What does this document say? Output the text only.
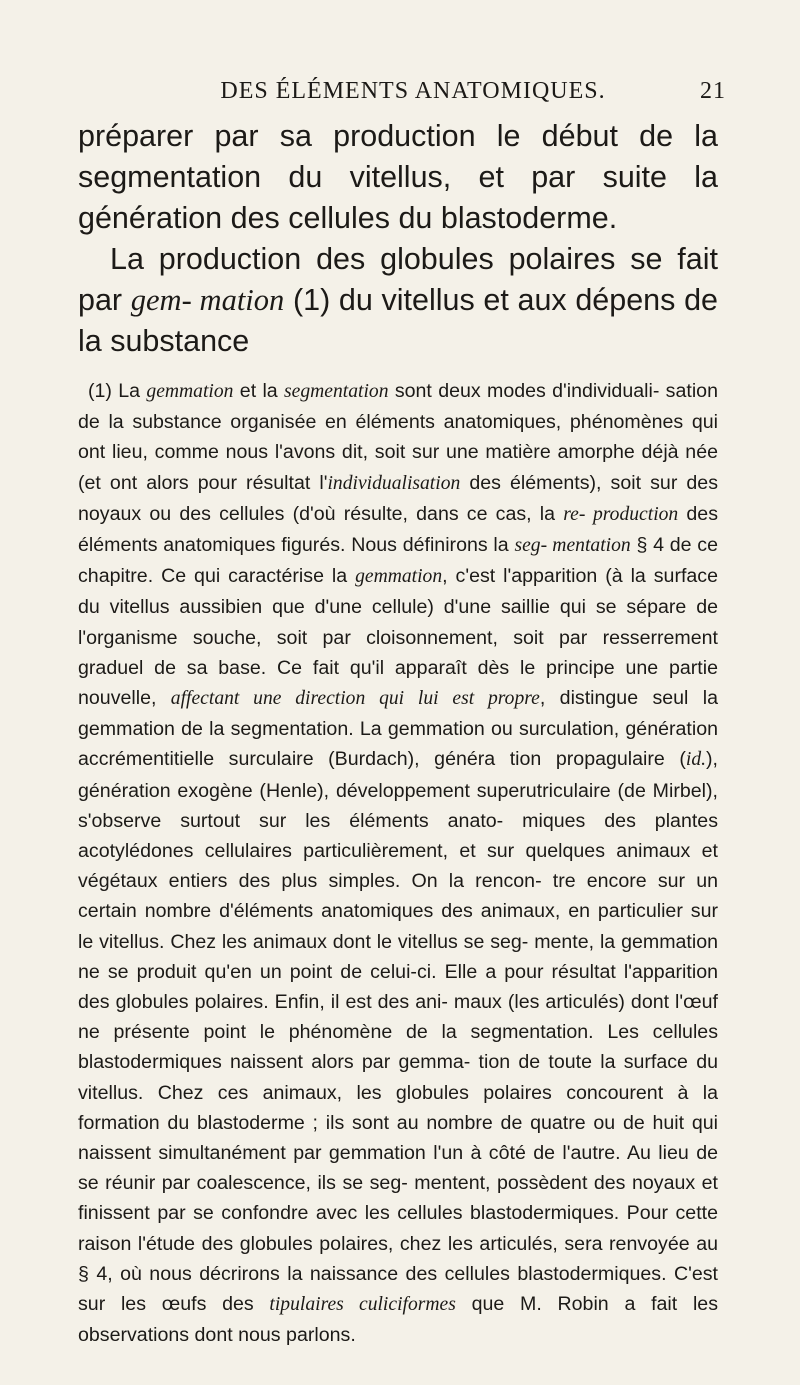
DES ÉLÉMENTS ANATOMIQUES.	21

préparer par sa production le début de la segmentation du vitellus, et par suite la génération des cellules du blastoderme.

La production des globules polaires se fait par gem- mation (1) du vitellus et aux dépens de la substance

(1) La gemmation et la segmentation sont deux modes d'individuali- sation de la substance organisée en éléments anatomiques, phénomènes qui ont lieu, comme nous l'avons dit, soit sur une matière amorphe déjà née (et ont alors pour résultat l'individualisation des éléments), soit sur des noyaux ou des cellules (d'où résulte, dans ce cas, la re- production des éléments anatomiques figurés. Nous définirons la seg- mentation § 4 de ce chapitre. Ce qui caractérise la gemmation, c'est l'apparition (à la surface du vitellus aussibien que d'une cellule) d'une saillie qui se sépare de l'organisme souche, soit par cloisonnement, soit par resserrement graduel de sa base. Ce fait qu'il apparaît dès le principe une partie nouvelle, affectant une direction qui lui est propre, distingue seul la gemmation de la segmentation. La gemmation ou surculation, génération accrémentitielle surculaire (Burdach), généra tion propagulaire (id.), génération exogène (Henle), développement superutriculaire (de Mirbel), s'observe surtout sur les éléments anato- miques des plantes acotylédones cellulaires particulièrement, et sur quelques animaux et végétaux entiers des plus simples. On la rencon- tre encore sur un certain nombre d'éléments anatomiques des animaux, en particulier sur le vitellus. Chez les animaux dont le vitellus se seg- mente, la gemmation ne se produit qu'en un point de celui-ci. Elle a pour résultat l'apparition des globules polaires. Enfin, il est des ani- maux (les articulés) dont l'œuf ne présente point le phénomène de la segmentation. Les cellules blastodermiques naissent alors par gemma- tion de toute la surface du vitellus. Chez ces animaux, les globules polaires concourent à la formation du blastoderme ; ils sont au nombre de quatre ou de huit qui naissent simultanément par gemmation l'un à côté de l'autre. Au lieu de se réunir par coalescence, ils se seg- mentent, possèdent des noyaux et finissent par se confondre avec les cellules blastodermiques. Pour cette raison l'étude des globules polaires, chez les articulés, sera renvoyée au § 4, où nous décrirons la naissance des cellules blastodermiques. C'est sur les œufs des tipulaires culiciformes que M. Robin a fait les observations dont nous parlons.
